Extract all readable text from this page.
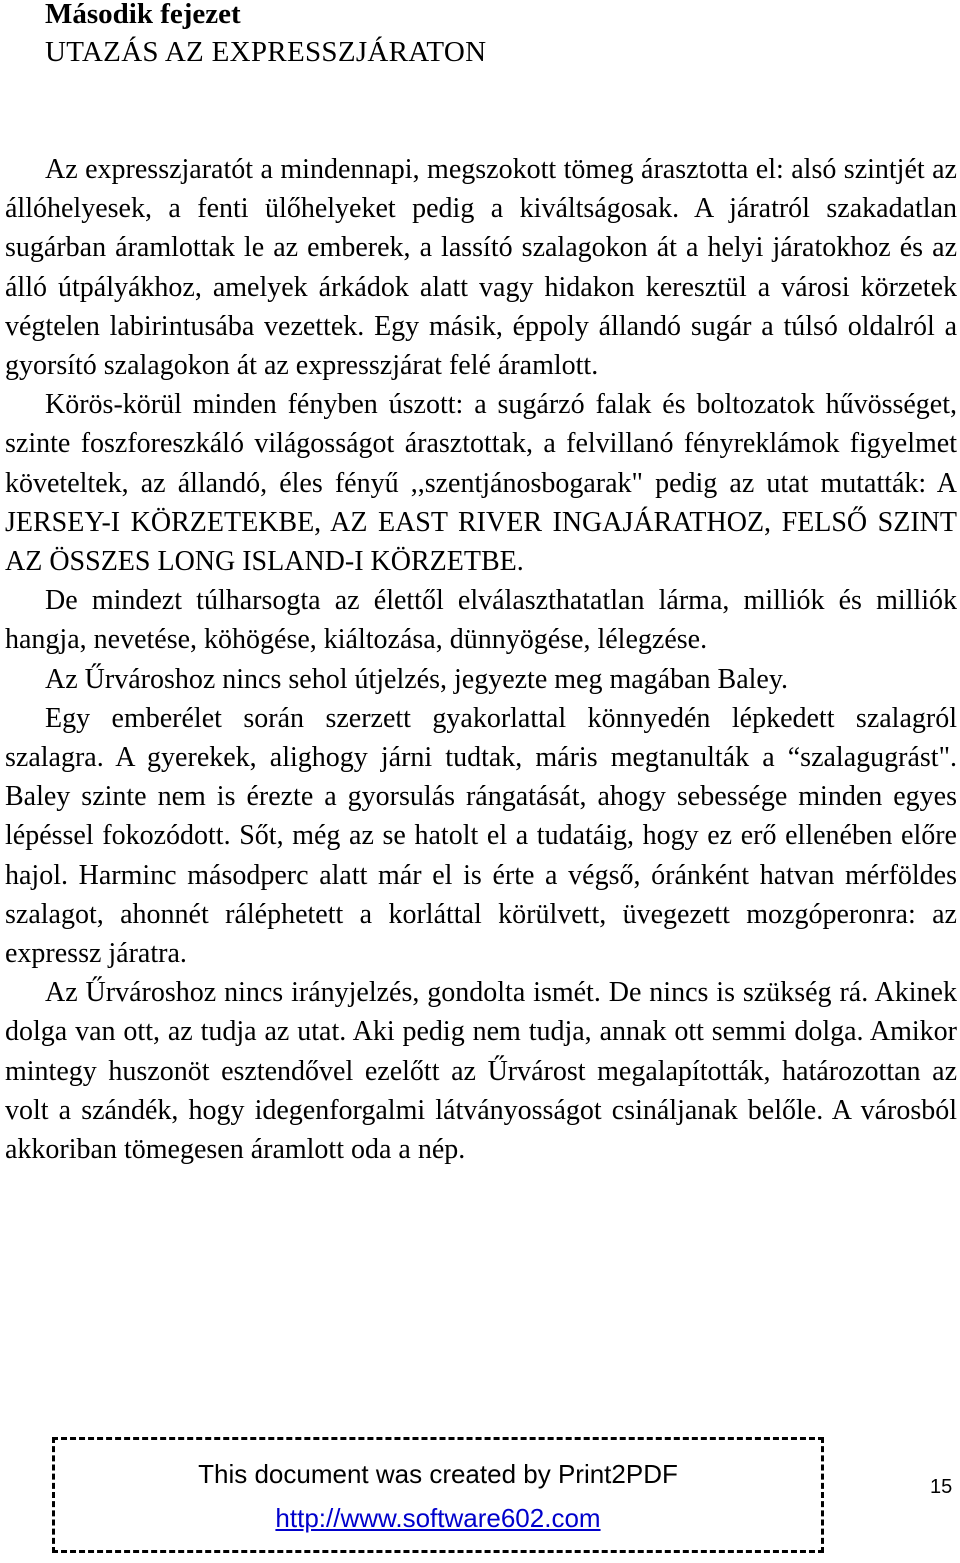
Második fejezet
UTAZÁS AZ EXPRESSZJÁRATON

Az expresszjaratót a mindennapi, megszokott tömeg árasztotta el: alsó szintjét az állóhelyesek, a fenti ülőhelyeket pedig a kiváltságosak. A járatról szakadatlan sugárban áramlottak le az emberek, a lassító szalagokon át a helyi járatokhoz és az álló útpályákhoz, amelyek árkádok alatt vagy hidakon keresztül a városi körzetek végtelen labirintusába vezettek. Egy másik, éppoly állandó sugár a túlsó oldalról a gyorsító szalagokon át az expresszjárat felé áramlott.

Körös-körül minden fényben úszott: a sugárzó falak és boltozatok hűvösséget, szinte foszforeszkáló világosságot árasztottak, a felvillanó fényreklámok figyelmet követeltek, az állandó, éles fényű ,,szentjánosbogarak" pedig az utat mutatták: A JERSEY-I KÖRZETEKBE, AZ EAST RIVER INGAJÁRATHOZ, FELSŐ SZINT AZ ÖSSZES LONG ISLAND-I KÖRZETBE.

De mindezt túlharsogta az élettől elválaszthatatlan lárma, milliók és milliók hangja, nevetése, köhögése, kiáltozása, dünnyögése, lélegzése.

Az Űrvároshoz nincs sehol útjelzés, jegyezte meg magában Baley.

Egy emberélet során szerzett gyakorlattal könnyedén lépkedett szalagról szalagra. A gyerekek, alighogy járni tudtak, máris megtanulták a “szalagugrást". Baley szinte nem is érezte a gyorsulás rángatását, ahogy sebessége minden egyes lépéssel fokozódott. Sőt, még az se hatolt el a tudatáig, hogy ez erő ellenében előre hajol. Harminc másodperc alatt már el is érte a végső, óránként hatvan mérföldes szalagot, ahonnét ráléphetett a korláttal körülvett, üvegezett mozgóperonra: az expressz járatra.

Az Űrvároshoz nincs irányjelzés, gondolta ismét. De nincs is szükség rá. Akinek dolga van ott, az tudja az utat. Aki pedig nem tudja, annak ott semmi dolga. Amikor mintegy huszonöt esztendővel ezelőtt az Űrvárost megalapították, határozottan az volt a szándék, hogy idegenforgalmi látványosságot csináljanak belőle. A városból akkoriban tömegesen áramlott oda a nép.

This document was created by Print2PDF
http://www.software602.com
15
